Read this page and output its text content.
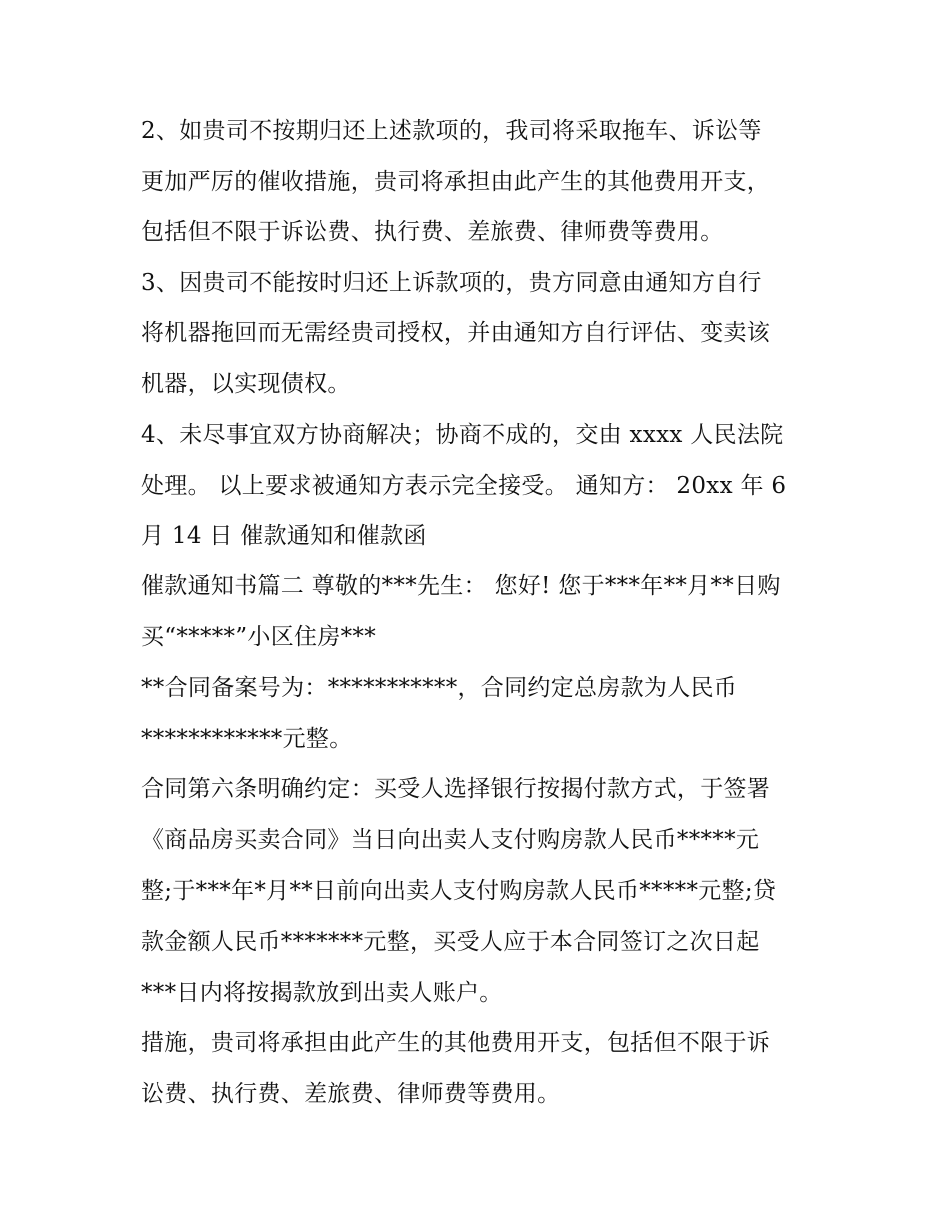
2、如贵司不按期归还上述款项的，我司将采取拖车、诉讼等

更加严厉的催收措施，贵司将承担由此产生的其他费用开支，

包括但不限于诉讼费、执行费、差旅费、律师费等费用。

3、因贵司不能按时归还上诉款项的，贵方同意由通知方自行

将机器拖回而无需经贵司授权，并由通知方自行评估、变卖该

机器，以实现债权。

4、未尽事宜双方协商解决；协商不成的，交由 xxxx 人民法院

处理。 以上要求被通知方表示完全接受。 通知方： 20xx 年 6

月 14 日 催款通知和催款函

催款通知书篇二 尊敬的***先生： 您好! 您于***年**月**日购

买“*****”小区住房***

**合同备案号为：***********，合同约定总房款为人民币

************元整。

合同第六条明确约定：买受人选择银行按揭付款方式，于签署

《商品房买卖合同》当日向出卖人支付购房款人民币*****元

整;于***年*月**日前向出卖人支付购房款人民币*****元整;贷

款金额人民币*******元整，买受人应于本合同签订之次日起

***日内将按揭款放到出卖人账户。

措施，贵司将承担由此产生的其他费用开支，包括但不限于诉

讼费、执行费、差旅费、律师费等费用。
